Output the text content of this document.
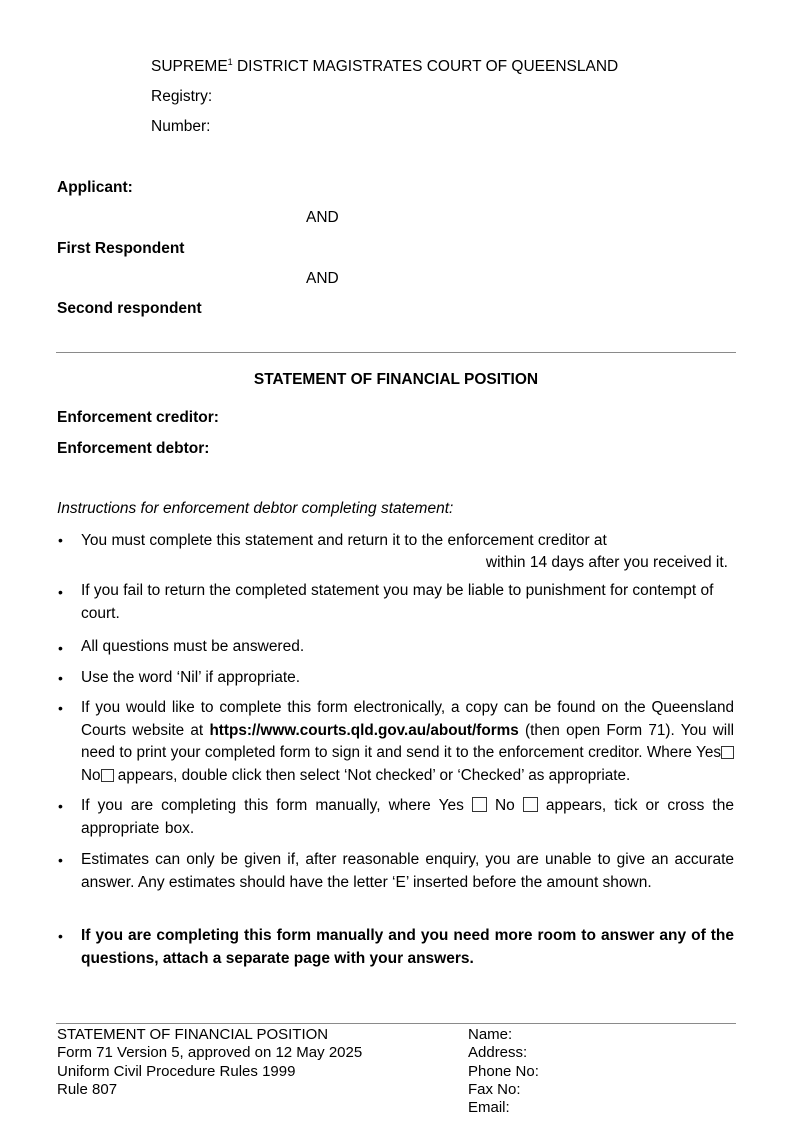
SUPREME$^1$ DISTRICT MAGISTRATES COURT OF QUEENSLAND
Registry:
Number:
Applicant:
AND
First Respondent
AND
Second respondent
STATEMENT OF FINANCIAL POSITION
Enforcement creditor:
Enforcement debtor:
Instructions for enforcement debtor completing statement:
• You must complete this statement and return it to the enforcement creditor at
within 14 days after you received it.
• If you fail to return the completed statement you may be liable to punishment for contempt of court.
• All questions must be answered.
• Use the word ‘Nil’ if appropriate.
• If you would like to complete this form electronically, a copy can be found on the Queensland Courts website at https://www.courts.qld.gov.au/about/forms (then open Form 71). You will need to print your completed form to sign it and send it to the enforcement creditor. Where Yes No appears, double click then select ‘Not checked’ or ‘Checked’ as appropriate.
• If you are completing this form manually, where Yes No  appears, tick or cross the appropriate box.
• Estimates can only be given if, after reasonable enquiry, you are unable to give an accurate answer. Any estimates should have the letter ‘E’ inserted before the amount shown.
• If you are completing this form manually and you need more room to answer any of the questions, attach a separate page with your answers.
STATEMENT OF FINANCIAL POSITION
Form 71 Version 5, approved on 12 May 2025
Uniform Civil Procedure Rules 1999
Rule 807
Name:
Address:
Phone No:
Fax No:
Email:
